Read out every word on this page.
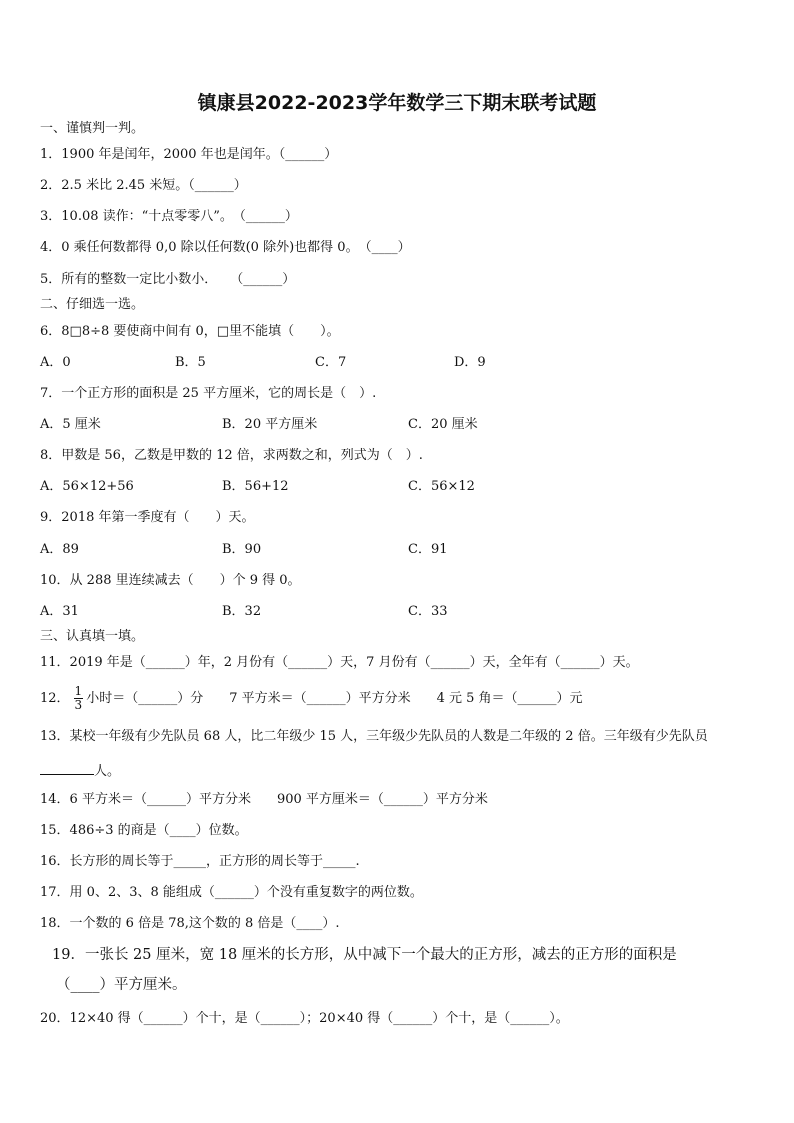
镇康县2022-2023学年数学三下期末联考试题
一、谨慎判一判。
1．1900 年是闰年，2000 年也是闰年。（______）
2．2.5 米比 2.45 米短。（______）
3．10.08 读作：“十点零零八”。　（______）
4．0 乘任何数都得 0,0 除以任何数(0 除外)也都得 0。　（____）
5．所有的整数一定比小数小．　　（______）
二、仔细选一选。
6．8□8÷8 要使商中间有 0，□里不能填（　　）。
A．0	B．5	C．7	D．9
7．一个正方形的面积是 25 平方厘米，它的周长是（　）.
A．5 厘米	B．20 平方厘米	C．20 厘米
8．甲数是 56，乙数是甲数的 12 倍，求两数之和，列式为（　）.
A．56×12+56	B．56+12	C．56×12
9．2018 年第一季度有（　　）天。
A．89	B．90	C．91
10．从 288 里连续减去（　　）个 9 得 0。
A．31	B．32	C．33
三、认真填一填。
11．2019 年是（______）年，2 月份有（______）天，7 月份有（______）天，全年有（______）天。
12． $\frac{1}{3}$ 小时＝（______）分　　7 平方米＝（______）平方分米　　4 元 5 角＝（______）元
13．某校一年级有少先队员 68 人，比二年级少 15 人，三年级少先队员的人数是二年级的 2 倍。三年级有少先队员
人。
14．6 平方米＝（______）平方分米　　900 平方厘米＝（______）平方分米
15．486÷3 的商是（____）位数。
16．长方形的周长等于_____，正方形的周长等于_____.
17．用 0、2、3、8 能组成（______）个没有重复数字的两位数。
18．一个数的 6 倍是 78,这个数的 8 倍是（____）.
19．一张长 25 厘米，宽 18 厘米的长方形，从中减下一个最大的正方形，减去的正方形的面积是
（____）平方厘米。
20．12×40 得（______）个十，是（______）；20×40 得（______）个十，是（______）。
